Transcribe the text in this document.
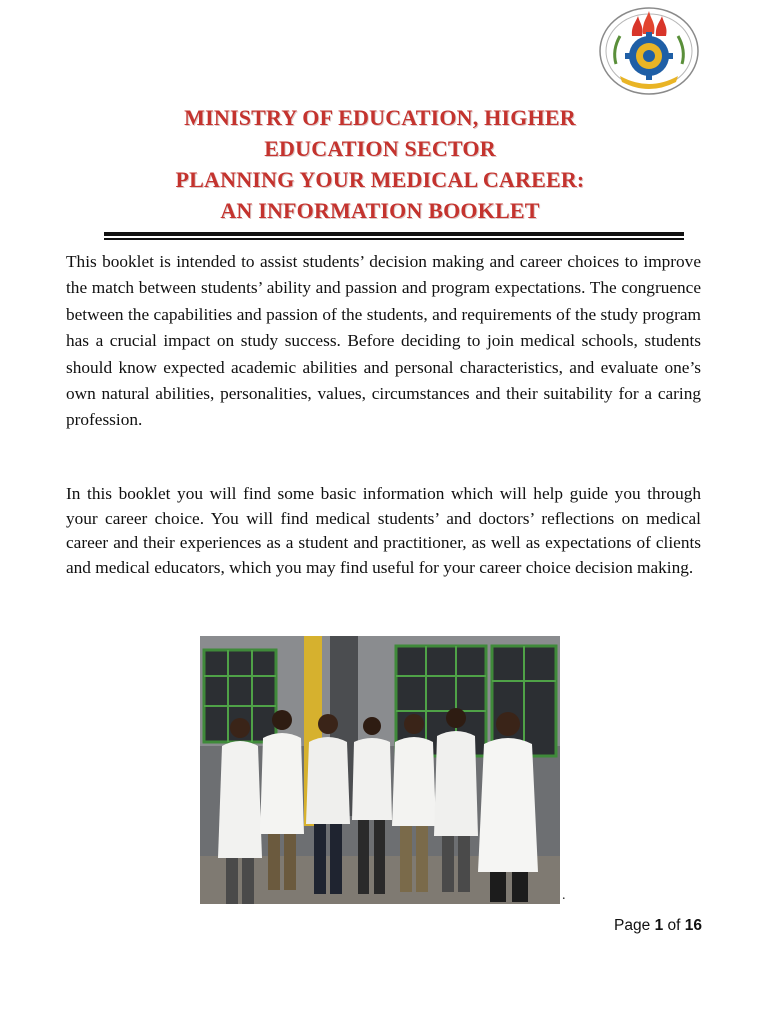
MINISTRY OF EDUCATION, HIGHER
EDUCATION SECTOR
PLANNING YOUR MEDICAL CAREER:
AN INFORMATION BOOKLET

This booklet is intended to assist students’ decision making and career choices to improve the match between students’ ability and passion and program expectations. The congruence between the capabilities and passion of the students, and requirements of the study program has a crucial impact on study success. Before deciding to join medical schools, students should know expected academic abilities and personal characteristics, and evaluate one’s own natural abilities, personalities, values, circumstances and their suitability for a caring profession.

In this booklet you will find some basic information which will help guide you through your career choice. You will find medical students’ and doctors’ reflections on medical career and their experiences as a student and practitioner, as well as expectations of clients and medical educators, which you may find useful for your career choice decision making.

.
Page 1 of 16
